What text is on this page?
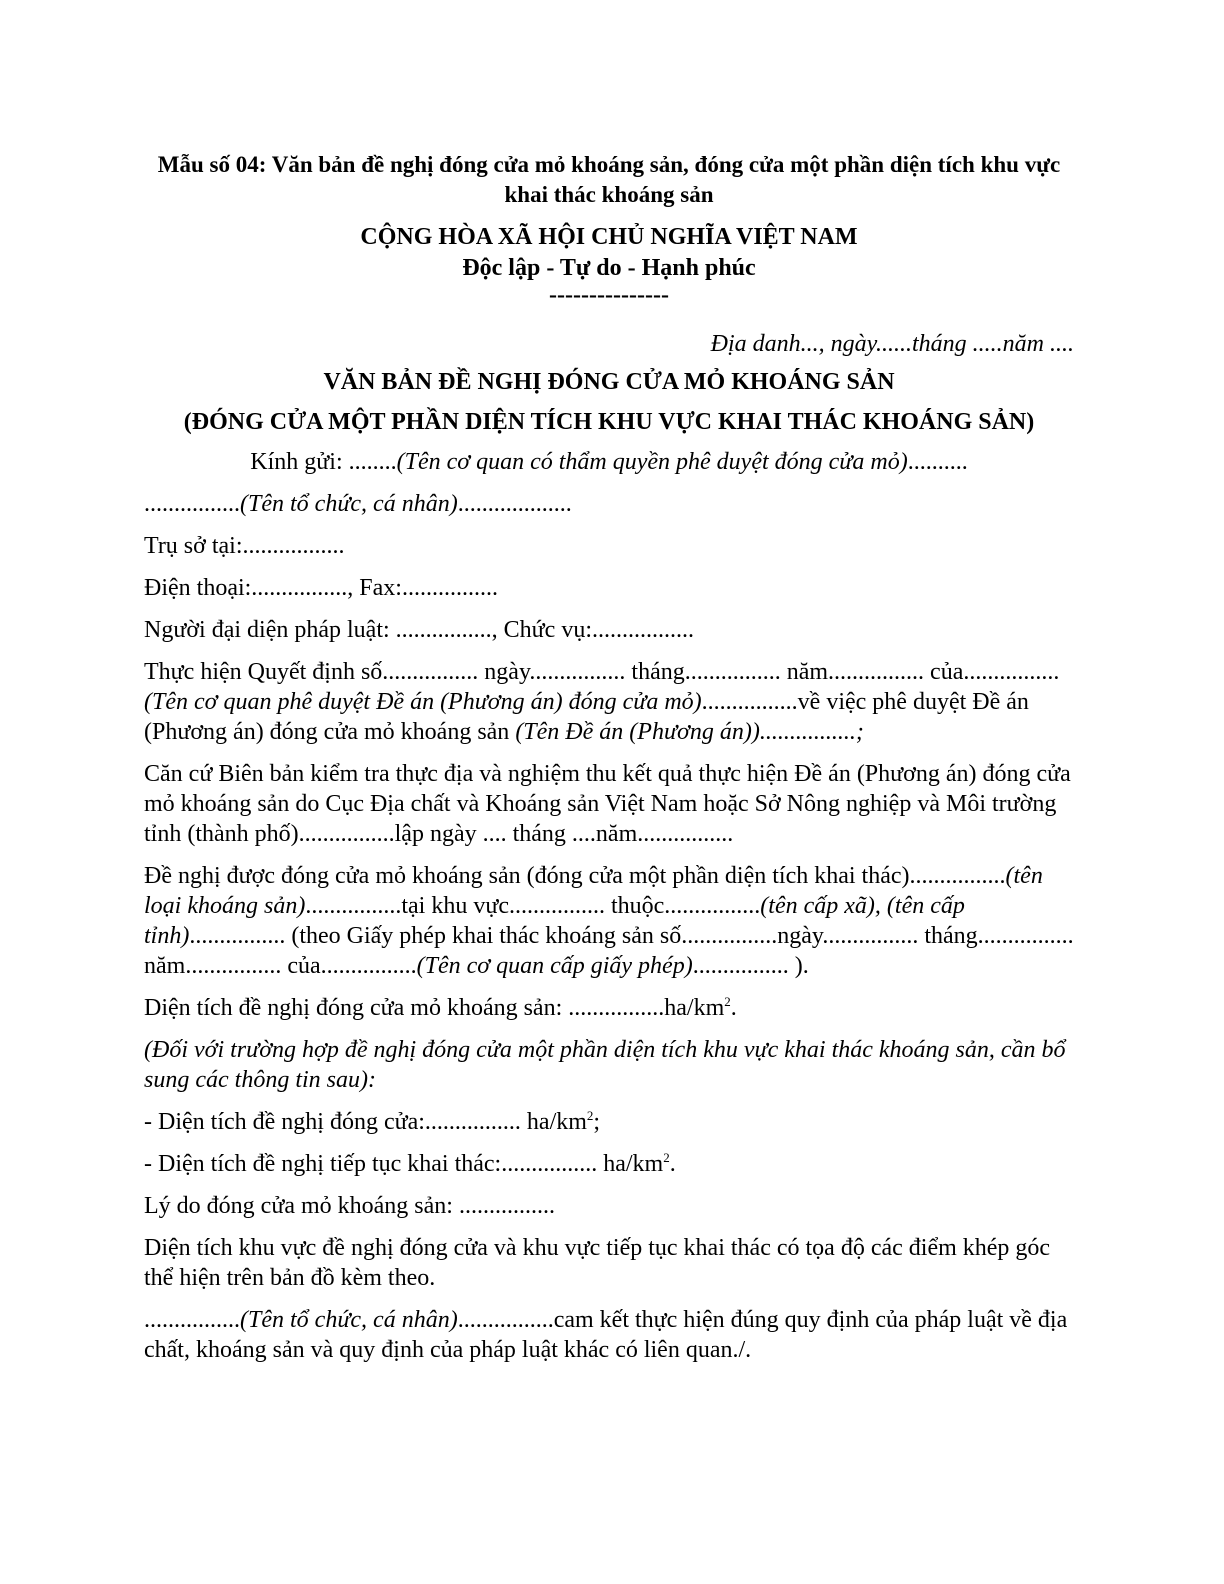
Mẫu số 04: Văn bản đề nghị đóng cửa mỏ khoáng sản, đóng cửa một phần diện tích khu vực khai thác khoáng sản
CỘNG HÒA XÃ HỘI CHỦ NGHĨA VIỆT NAM
Độc lập - Tự do - Hạnh phúc
---------------
Địa danh..., ngày......tháng .....năm ....
VĂN BẢN ĐỀ NGHỊ ĐÓNG CỬA MỎ KHOÁNG SẢN
(ĐÓNG CỬA MỘT PHẦN DIỆN TÍCH KHU VỰC KHAI THÁC KHOÁNG SẢN)
Kính gửi: ........(Tên cơ quan có thẩm quyền phê duyệt đóng cửa mỏ)..........

................(Tên tổ chức, cá nhân)...................

Trụ sở tại:.................

Điện thoại:................, Fax:................

Người đại diện pháp luật: ................, Chức vụ:.................

Thực hiện Quyết định số................ ngày................ tháng................ năm................ của................(Tên cơ quan phê duyệt Đề án (Phương án) đóng cửa mỏ)................về việc phê duyệt Đề án (Phương án) đóng cửa mỏ khoáng sản (Tên Đề án (Phương án))................;

Căn cứ Biên bản kiểm tra thực địa và nghiệm thu kết quả thực hiện Đề án (Phương án) đóng cửa mỏ khoáng sản do Cục Địa chất và Khoáng sản Việt Nam hoặc Sở Nông nghiệp và Môi trường tỉnh (thành phố)................lập ngày .... tháng ....năm................

Đề nghị được đóng cửa mỏ khoáng sản (đóng cửa một phần diện tích khai thác)................(tên loại khoáng sản)................tại khu vực................ thuộc................(tên cấp xã), (tên cấp tỉnh)................ (theo Giấy phép khai thác khoáng sản số................ngày................ tháng................ năm................ của................(Tên cơ quan cấp giấy phép)................ ).

Diện tích đề nghị đóng cửa mỏ khoáng sản: $................ha/km^2$.

(Đối với trường hợp đề nghị đóng cửa một phần diện tích khu vực khai thác khoáng sản, cần bổ sung các thông tin sau):

- Diện tích đề nghị đóng cửa:................ $ha/km^2$;

- Diện tích đề nghị tiếp tục khai thác:................ $ha/km^2$.

Lý do đóng cửa mỏ khoáng sản: ................

Diện tích khu vực đề nghị đóng cửa và khu vực tiếp tục khai thác có tọa độ các điểm khép góc thể hiện trên bản đồ kèm theo.

................(Tên tổ chức, cá nhân)................cam kết thực hiện đúng quy định của pháp luật về địa chất, khoáng sản và quy định của pháp luật khác có liên quan./.
